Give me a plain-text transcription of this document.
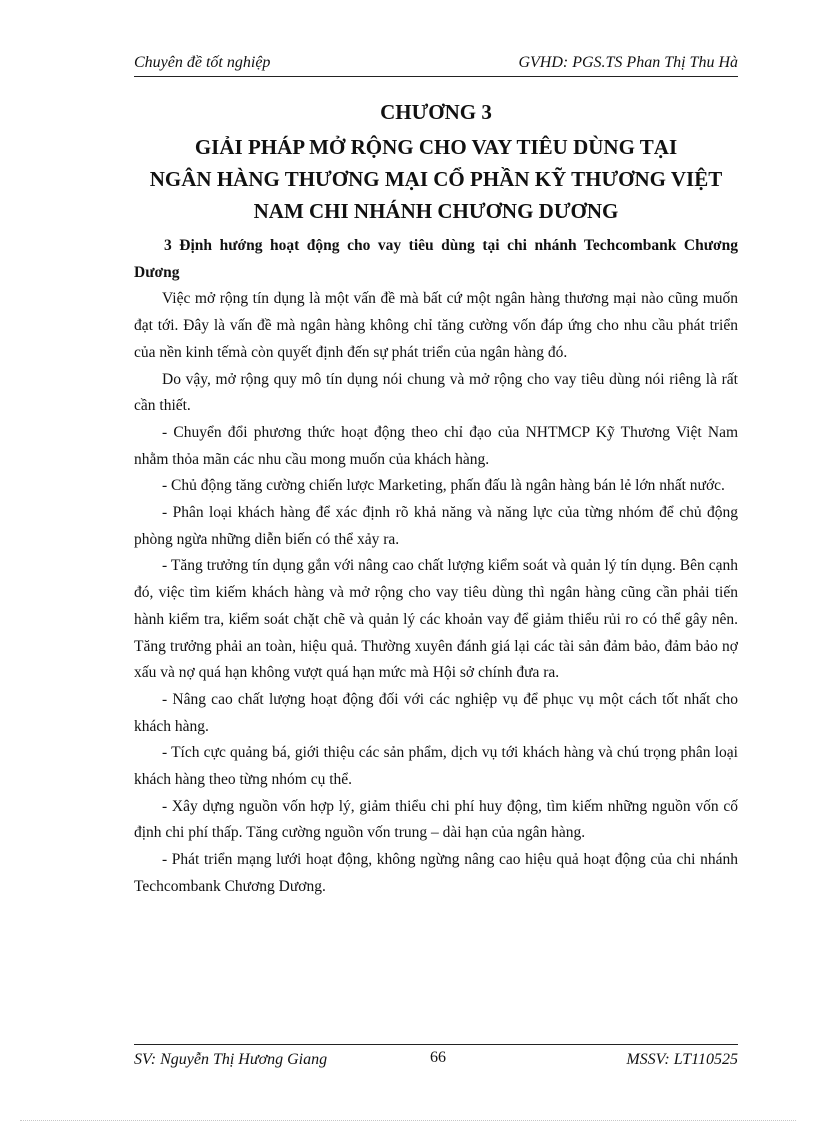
Chuyên đề tốt nghiệp	GVHD: PGS.TS Phan Thị Thu Hà
CHƯƠNG 3
GIẢI PHÁP MỞ RỘNG CHO VAY TIÊU DÙNG TẠI
NGÂN HÀNG THƯƠNG MẠI CỔ PHẦN KỸ THƯƠNG VIỆT
NAM CHI NHÁNH CHƯƠNG DƯƠNG

3 Định hướng hoạt động cho vay tiêu dùng tại chi nhánh Techcombank Chương Dương

Việc mở rộng tín dụng là một vấn đề mà bất cứ một ngân hàng thương mại nào cũng muốn đạt tới. Đây là vấn đề mà ngân hàng không chỉ tăng cường vốn đáp ứng cho nhu cầu phát triển của nền kinh tếmà còn quyết định đến sự phát triển của ngân hàng đó.

Do vậy, mở rộng quy mô tín dụng nói chung và mở rộng cho vay tiêu dùng nói riêng là rất cần thiết.

- Chuyển đổi phương thức hoạt động theo chỉ đạo của NHTMCP Kỹ Thương Việt Nam nhằm thỏa mãn các nhu cầu mong muốn của khách hàng.

- Chủ động tăng cường chiến lược Marketing, phấn đấu là ngân hàng bán lẻ lớn nhất nước.

- Phân loại khách hàng để xác định rõ khả năng và năng lực của từng nhóm để chủ động phòng ngừa những diễn biến có thể xảy ra.

- Tăng trưởng tín dụng gắn với nâng cao chất lượng kiểm soát và quản lý tín dụng. Bên cạnh đó, việc tìm kiếm khách hàng và mở rộng cho vay tiêu dùng thì ngân hàng cũng cần phải tiến hành kiểm tra, kiểm soát chặt chẽ và quản lý các khoản vay để giảm thiểu rủi ro có thể gây nên. Tăng trưởng phải an toàn, hiệu quả. Thường xuyên đánh giá lại các tài sản đảm bảo, đảm bảo nợ xấu và nợ quá hạn không vượt quá hạn mức mà Hội sở chính đưa ra.

- Nâng cao chất lượng hoạt động đối với các nghiệp vụ để phục vụ một cách tốt nhất cho khách hàng.

- Tích cực quảng bá, giới thiệu các sản phẩm, dịch vụ tới khách hàng và chú trọng phân loại khách hàng theo từng nhóm cụ thể.

- Xây dựng nguồn vốn hợp lý, giảm thiểu chi phí huy động, tìm kiếm những nguồn vốn cố định chi phí thấp. Tăng cường nguồn vốn trung – dài hạn của ngân hàng.

- Phát triển mạng lưới hoạt động, không ngừng nâng cao hiệu quả hoạt động của chi nhánh Techcombank Chương Dương.

SV: Nguyễn Thị Hương Giang	66	MSSV: LT110525
